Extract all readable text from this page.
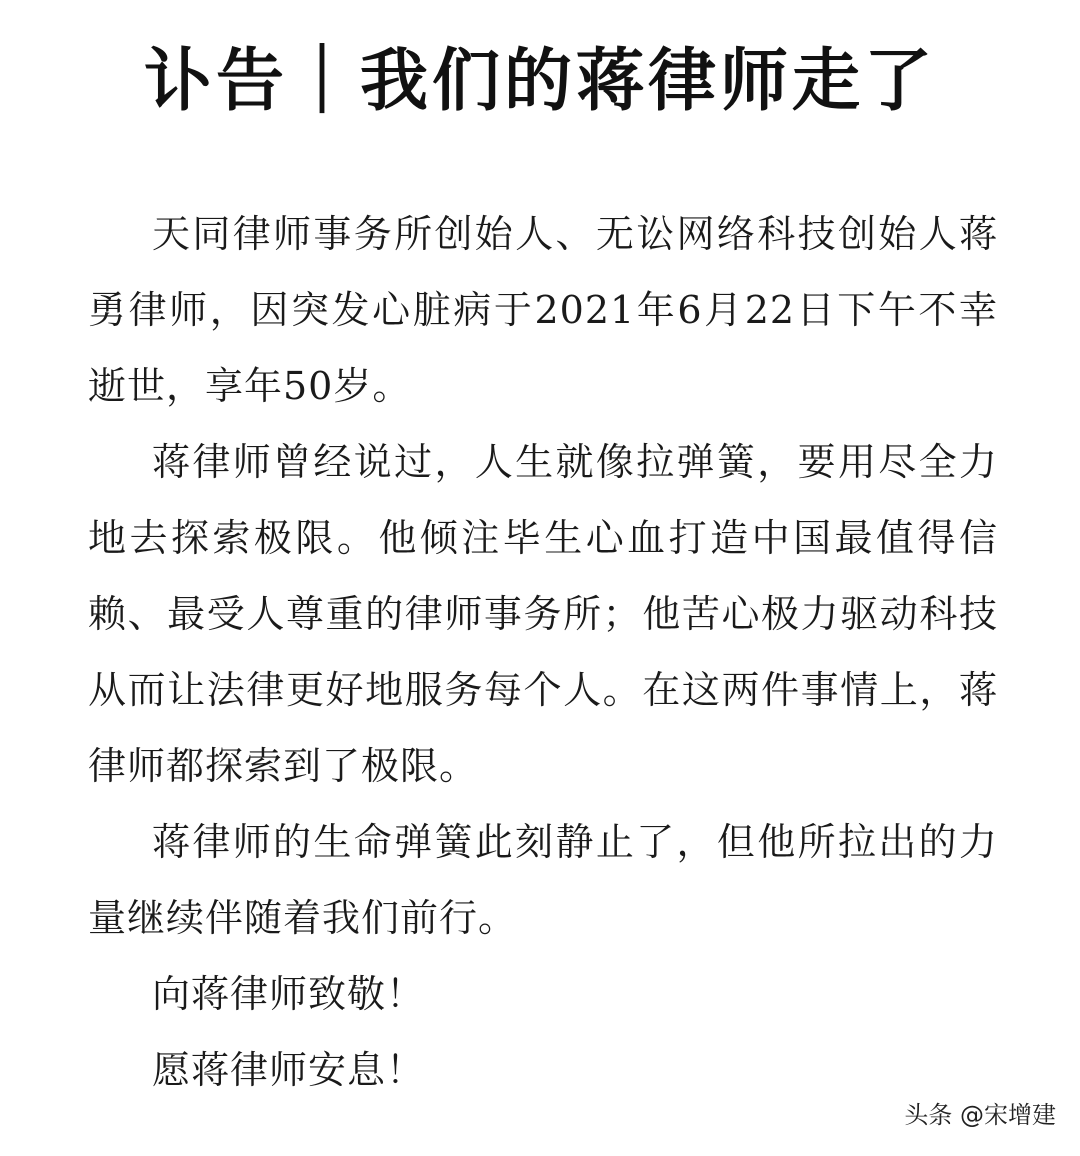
讣告｜我们的蒋律师走了

天同律师事务所创始人、无讼网络科技创始人蒋勇律师，因突发心脏病于2021年6月22日下午不幸逝世，享年50岁。

蒋律师曾经说过，人生就像拉弹簧，要用尽全力地去探索极限。他倾注毕生心血打造中国最值得信赖、最受人尊重的律师事务所；他苦心极力驱动科技从而让法律更好地服务每个人。在这两件事情上，蒋律师都探索到了极限。

蒋律师的生命弹簧此刻静止了，但他所拉出的力量继续伴随着我们前行。

向蒋律师致敬！

愿蒋律师安息！

头条 @宋增建
